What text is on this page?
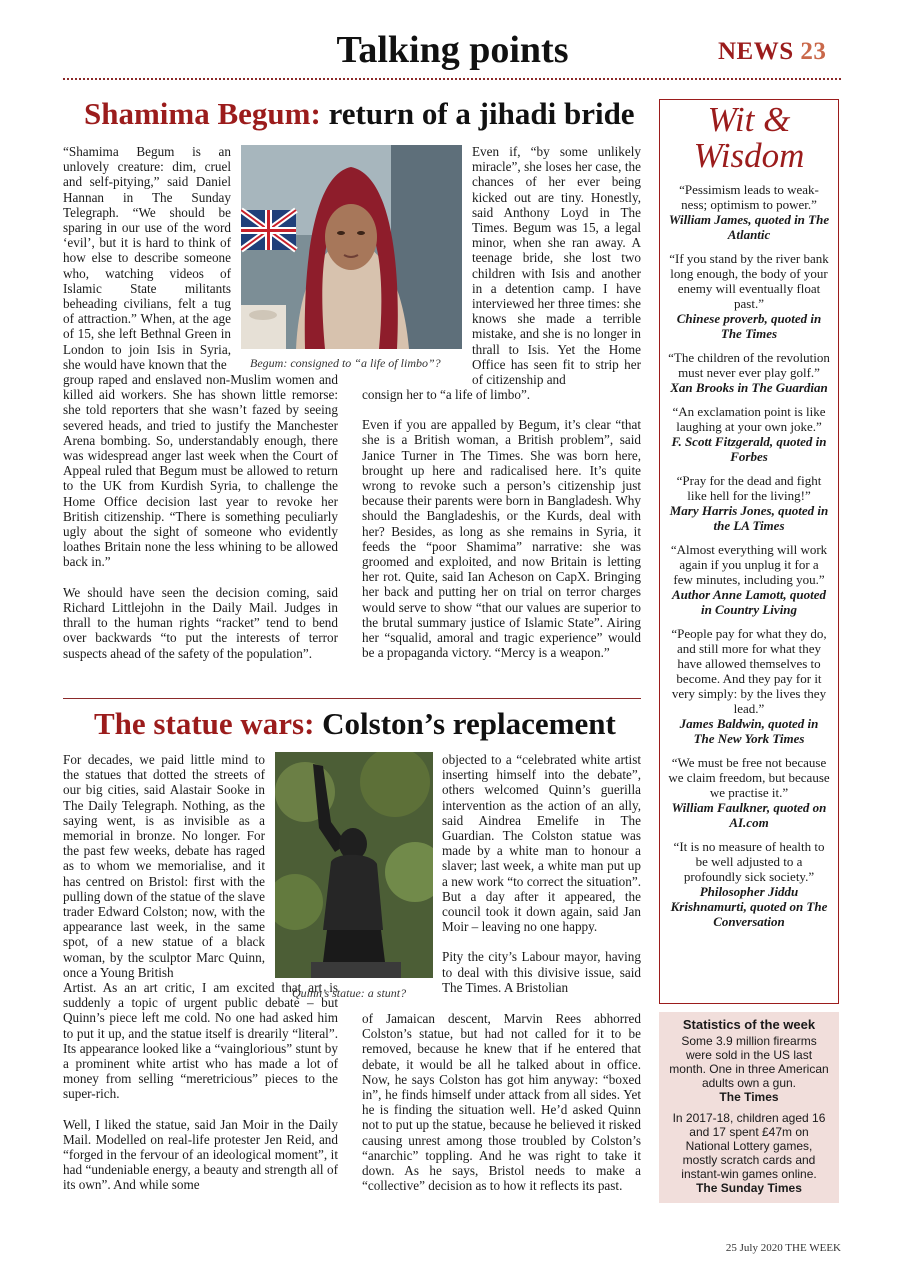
Talking points	NEWS 23
Shamima Begum: return of a jihadi bride
Begum: consigned to “a life of limbo”?

“Shamima Begum is an unlovely creature: dim, cruel and self-pitying,” said Daniel Hannan in The Sunday Telegraph. “We should be sparing in our use of the word ‘evil’, but it is hard to think of how else to describe someone who, watching videos of Islamic State militants beheading civilians, felt a tug of attraction.” When, at the age of 15, she left Bethnal Green in London to join Isis in Syria, she would have known that the

group raped and enslaved non-Muslim women and killed aid workers. She has shown little remorse: she told reporters that she wasn’t fazed by seeing severed heads, and tried to justify the Manchester Arena bombing. So, understandably enough, there was widespread anger last week when the Court of Appeal ruled that Begum must be allowed to return to the UK from Kurdish Syria, to challenge the Home Office decision last year to revoke her British citizenship. “There is something peculiarly ugly about the sight of someone who evidently loathes Britain none the less whining to be allowed back in.”

We should have seen the decision coming, said Richard Littlejohn in the Daily Mail. Judges in thrall to the human rights “racket” tend to bend over backwards “to put the interests of terror suspects ahead of the safety of the population”.

Even if, “by some unlikely miracle”, she loses her case, the chances of her ever being kicked out are tiny. Honestly, said Anthony Loyd in The Times. Begum was 15, a legal minor, when she ran away. A teenage bride, she lost two children with Isis and another in a detention camp. I have interviewed her three times: she knows she made a terrible mistake, and she is no longer in thrall to Isis. Yet the Home Office has seen fit to strip her of citizenship and

consign her to “a life of limbo”.

Even if you are appalled by Begum, it’s clear “that she is a British woman, a British problem”, said Janice Turner in The Times. She was born here, brought up here and radicalised here. It’s quite wrong to revoke such a person’s citizenship just because their parents were born in Bangladesh. Why should the Bangladeshis, or the Kurds, deal with her? Besides, as long as she remains in Syria, it feeds the “poor Shamima” narrative: she was groomed and exploited, and now Britain is letting her rot. Quite, said Ian Acheson on CapX. Bringing her back and putting her on trial on terror charges would serve to show “that our values are superior to the brutal summary justice of Islamic State”. Airing her “squalid, amoral and tragic experience” would be a propaganda victory. “Mercy is a weapon.”

The statue wars: Colston’s replacement
Quinn’s statue: a stunt?

For decades, we paid little mind to the statues that dotted the streets of our big cities, said Alastair Sooke in The Daily Telegraph. Nothing, as the saying went, is as invisible as a memorial in bronze. No longer. For the past few weeks, debate has raged as to whom we memorialise, and it has centred on Bristol: first with the pulling down of the statue of the slave trader Edward Colston; now, with the appearance last week, in the same spot, of a new statue of a black woman, by the sculptor Marc Quinn, once a Young British

Artist. As an art critic, I am excited that art is suddenly a topic of urgent public debate – but Quinn’s piece left me cold. No one had asked him to put it up, and the statue itself is drearily “literal”. Its appearance looked like a “vainglorious” stunt by a prominent white artist who has made a lot of money from selling “meretricious” pieces to the super-rich.

Well, I liked the statue, said Jan Moir in the Daily Mail. Modelled on real-life protester Jen Reid, and “forged in the fervour of an ideological moment”, it had “undeniable energy, a beauty and strength all of its own”. And while some

objected to a “celebrated white artist inserting himself into the debate”, others welcomed Quinn’s guerilla intervention as the action of an ally, said Aindrea Emelife in The Guardian. The Colston statue was made by a white man to honour a slaver; last week, a white man put up a new work “to correct the situation”. But a day after it appeared, the council took it down again, said Jan Moir – leaving no one happy.

Pity the city’s Labour mayor, having to deal with this divisive issue, said The Times. A Bristolian

of Jamaican descent, Marvin Rees abhorred Colston’s statue, but had not called for it to be removed, because he knew that if he entered that debate, it would be all he talked about in office. Now, he says Colston has got him anyway: “boxed in”, he finds himself under attack from all sides. Yet he is finding the situation well. He’d asked Quinn not to put up the statue, because he believed it risked causing unrest among those troubled by Colston’s “anarchic” toppling. And he was right to take it down. As he says, Bristol needs to make a “collective” decision as to how it reflects its past.
Wit &
Wisdom
“Pessimism leads to weak-ness; optimism to power.”
William James, quoted in The Atlantic
“If you stand by the river bank long enough, the body of your enemy will eventually float past.”
Chinese proverb, quoted in The Times
“The children of the revolution must never ever play golf.”
Xan Brooks in The Guardian
“An exclamation point is like laughing at your own joke.”
F. Scott Fitzgerald, quoted in Forbes
“Pray for the dead and fight like hell for the living!”
Mary Harris Jones, quoted in the LA Times
“Almost everything will work again if you unplug it for a few minutes, including you.”
Author Anne Lamott, quoted in Country Living
“People pay for what they do, and still more for what they have allowed themselves to become. And they pay for it very simply: by the lives they lead.”
James Baldwin, quoted in The New York Times
“We must be free not because we claim freedom, but because we practise it.”
William Faulkner, quoted on AI.com
“It is no measure of health to be well adjusted to a profoundly sick society.”
Philosopher Jiddu Krishnamurti, quoted on The Conversation
Statistics of the week
Some 3.9 million firearms were sold in the US last month. One in three American adults own a gun.
The Times
In 2017-18, children aged 16 and 17 spent £47m on National Lottery games, mostly scratch cards and instant-win games online.
The Sunday Times
25 July 2020 THE WEEK
